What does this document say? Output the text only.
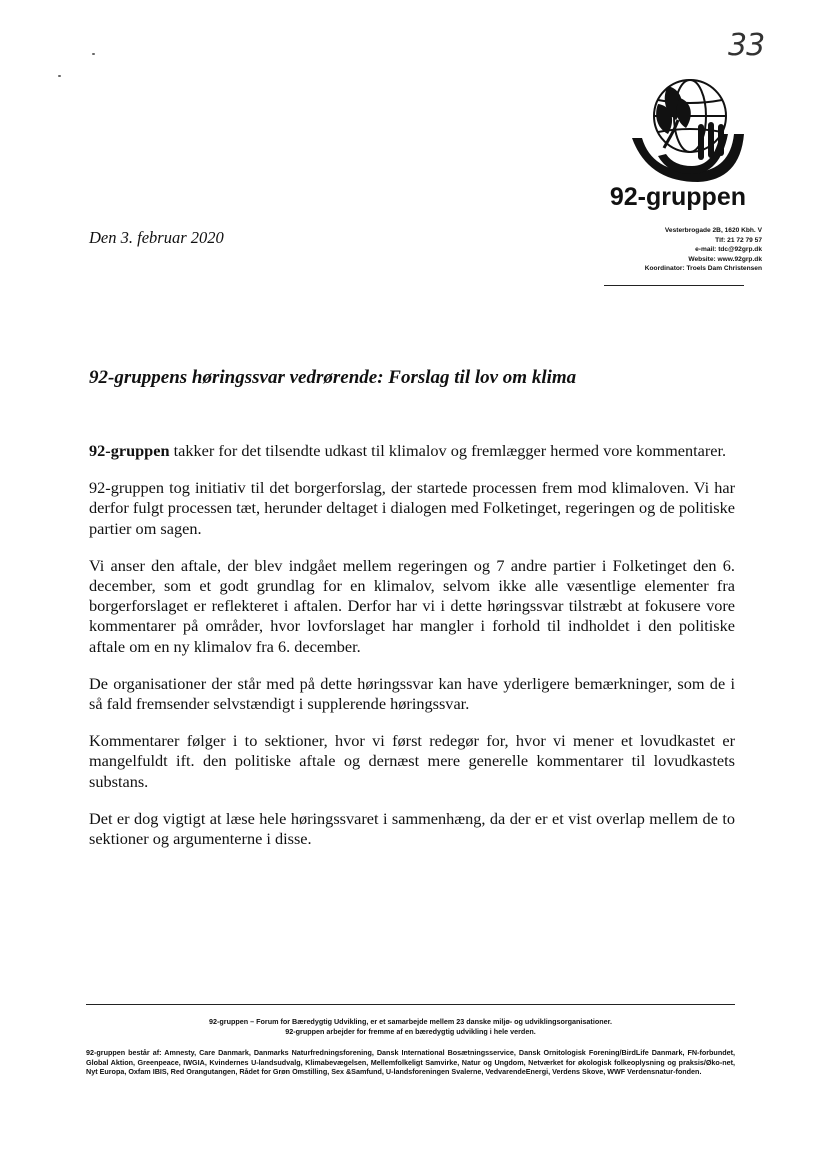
33
92-gruppen
Vesterbrogade 2B, 1620 Kbh. V
Tlf: 21 72 79 57
e-mail: tdc@92grp.dk
Website: www.92grp.dk
Koordinator: Troels Dam Christensen
Den 3. februar 2020
92-gruppens høringssvar vedrørende: Forslag til lov om klima

92-gruppen takker for det tilsendte udkast til klimalov og fremlægger hermed vore kommentarer.

92-gruppen tog initiativ til det borgerforslag, der startede processen frem mod klimaloven. Vi har derfor fulgt processen tæt, herunder deltaget i dialogen med Folketinget, regeringen og de politiske partier om sagen.

Vi anser den aftale, der blev indgået mellem regeringen og 7 andre partier i Folketinget den 6. december, som et godt grundlag for en klimalov, selvom ikke alle væsentlige elementer fra borgerforslaget er reflekteret i aftalen. Derfor har vi i dette høringssvar tilstræbt at fokusere vore kommentarer på områder, hvor lovforslaget har mangler i forhold til indholdet i den politiske aftale om en ny klimalov fra 6. december.

De organisationer der står med på dette høringssvar kan have yderligere bemærkninger, som de i så fald fremsender selvstændigt i supplerende høringssvar.

Kommentarer følger i to sektioner, hvor vi først redegør for, hvor vi mener et lovudkastet er mangelfuldt ift. den politiske aftale og dernæst mere generelle kommentarer til lovudkastets substans.

Det er dog vigtigt at læse hele høringssvaret i sammenhæng, da der er et vist overlap mellem de to sektioner og argumenterne i disse.

92-gruppen – Forum for Bæredygtig Udvikling, er et samarbejde mellem 23 danske miljø- og udviklingsorganisationer.
92-gruppen arbejder for fremme af en bæredygtig udvikling i hele verden.
92-gruppen består af: Amnesty, Care Danmark, Danmarks Naturfredningsforening, Dansk International Bosætningsservice, Dansk Ornitologisk Forening/BirdLife Danmark, FN-forbundet, Global Aktion, Greenpeace, IWGIA, Kvindernes U-landsudvalg, Klimabevægelsen, Mellemfolkeligt Samvirke, Natur og Ungdom, Netværket for økologisk folkeoplysning og praksis/Øko-net, Nyt Europa, Oxfam IBIS, Red Orangutangen, Rådet for Grøn Omstilling, Sex &Samfund, U-landsforeningen Svalerne, VedvarendeEnergi, Verdens Skove, WWF Verdensnatur-fonden.
